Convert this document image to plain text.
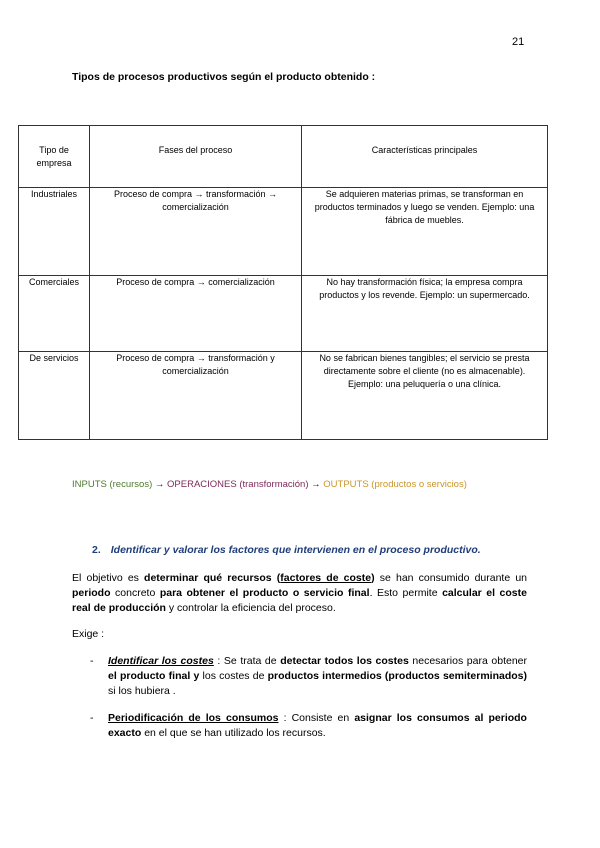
21
Tipos de procesos productivos según el producto obtenido :
Tipo de empresa	Fases del proceso	Características principales
Industriales	Proceso de compra → transformación → comercialización	Se adquieren materias primas, se transforman en productos terminados y luego se venden. Ejemplo: una fábrica de muebles.
Comerciales	Proceso de compra → comercialización	No hay transformación física; la empresa compra productos y los revende. Ejemplo: un supermercado.
De servicios	Proceso de compra → transformación y comercialización	No se fabrican bienes tangibles; el servicio se presta directamente sobre el cliente (no es almacenable). Ejemplo: una peluquería o una clínica.
INPUTS (recursos) → OPERACIONES (transformación) → OUTPUTS (productos o servicios)
2. Identificar y valorar los factores que intervienen en el proceso productivo.
El objetivo es determinar qué recursos (factores de coste) se han consumido durante un periodo concreto para obtener el producto o servicio final. Esto permite calcular el coste real de producción y controlar la eficiencia del proceso.
Exige :
- Identificar los costes : Se trata de detectar todos los costes necesarios para obtener el producto final y los costes de productos intermedios (productos semiterminados) si los hubiera .
- Periodificación de los consumos : Consiste en asignar los consumos al periodo exacto en el que se han utilizado los recursos.
